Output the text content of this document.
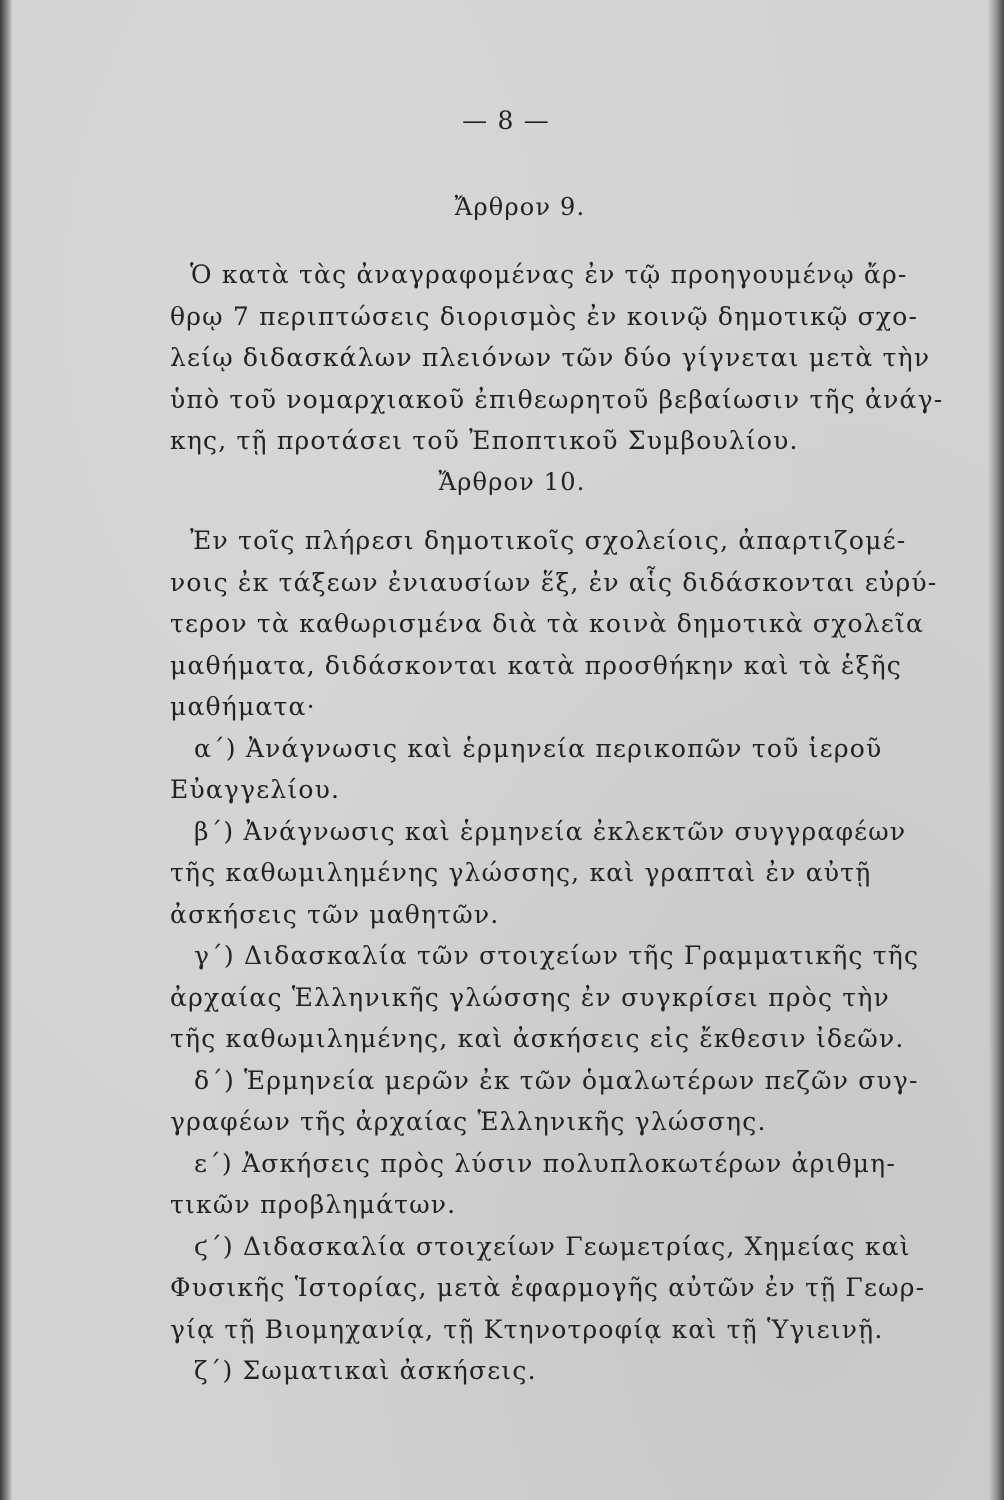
— 8 —
Ἄρθρον 9.
Ὁ κατὰ τὰς ἀναγραφομένας ἐν τῷ προηγουμένῳ ἄρ-
θρῳ 7 περιπτώσεις διορισμὸς ἐν κοινῷ δημοτικῷ σχο-
λείῳ διδασκάλων πλειόνων τῶν δύο γίγνεται μετὰ τὴν
ὑπὸ τοῦ νομαρχιακοῦ ἐπιθεωρητοῦ βεβαίωσιν τῆς ἀνάγ-
κης, τῇ προτάσει τοῦ Ἐποπτικοῦ Συμβουλίου.
Ἄρθρον 10.
Ἐν τοῖς πλήρεσι δημοτικοῖς σχολείοις, ἀπαρτιζομέ-
νοις ἐκ τάξεων ἐνιαυσίων ἕξ, ἐν αἷς διδάσκονται εὐρύ-
τερον τὰ καθωρισμένα διὰ τὰ κοινὰ δημοτικὰ σχολεῖα
μαθήματα, διδάσκονται κατὰ προσθήκην καὶ τὰ ἑξῆς
μαθήματα·
α΄) Ἀνάγνωσις καὶ ἑρμηνεία περικοπῶν τοῦ ἱεροῦ
Εὐαγγελίου.
β΄) Ἀνάγνωσις καὶ ἑρμηνεία ἐκλεκτῶν συγγραφέων
τῆς καθωμιλημένης γλώσσης, καὶ γραπταὶ ἐν αὐτῇ
ἀσκήσεις τῶν μαθητῶν.
γ΄) Διδασκαλία τῶν στοιχείων τῆς Γραμματικῆς τῆς
ἀρχαίας Ἑλληνικῆς γλώσσης ἐν συγκρίσει πρὸς τὴν
τῆς καθωμιλημένης, καὶ ἀσκήσεις εἰς ἔκθεσιν ἰδεῶν.
δ΄) Ἑρμηνεία μερῶν ἐκ τῶν ὁμαλωτέρων πεζῶν συγ-
γραφέων τῆς ἀρχαίας Ἑλληνικῆς γλώσσης.
ε΄) Ἀσκήσεις πρὸς λύσιν πολυπλοκωτέρων ἀριθμη-
τικῶν προβλημάτων.
ϛ΄) Διδασκαλία στοιχείων Γεωμετρίας, Χημείας καὶ
Φυσικῆς Ἱστορίας, μετὰ ἐφαρμογῆς αὐτῶν ἐν τῇ Γεωρ-
γίᾳ τῇ Βιομηχανίᾳ, τῇ Κτηνοτροφίᾳ καὶ τῇ Ὑγιεινῇ.
ζ΄) Σωματικαὶ ἀσκήσεις.
